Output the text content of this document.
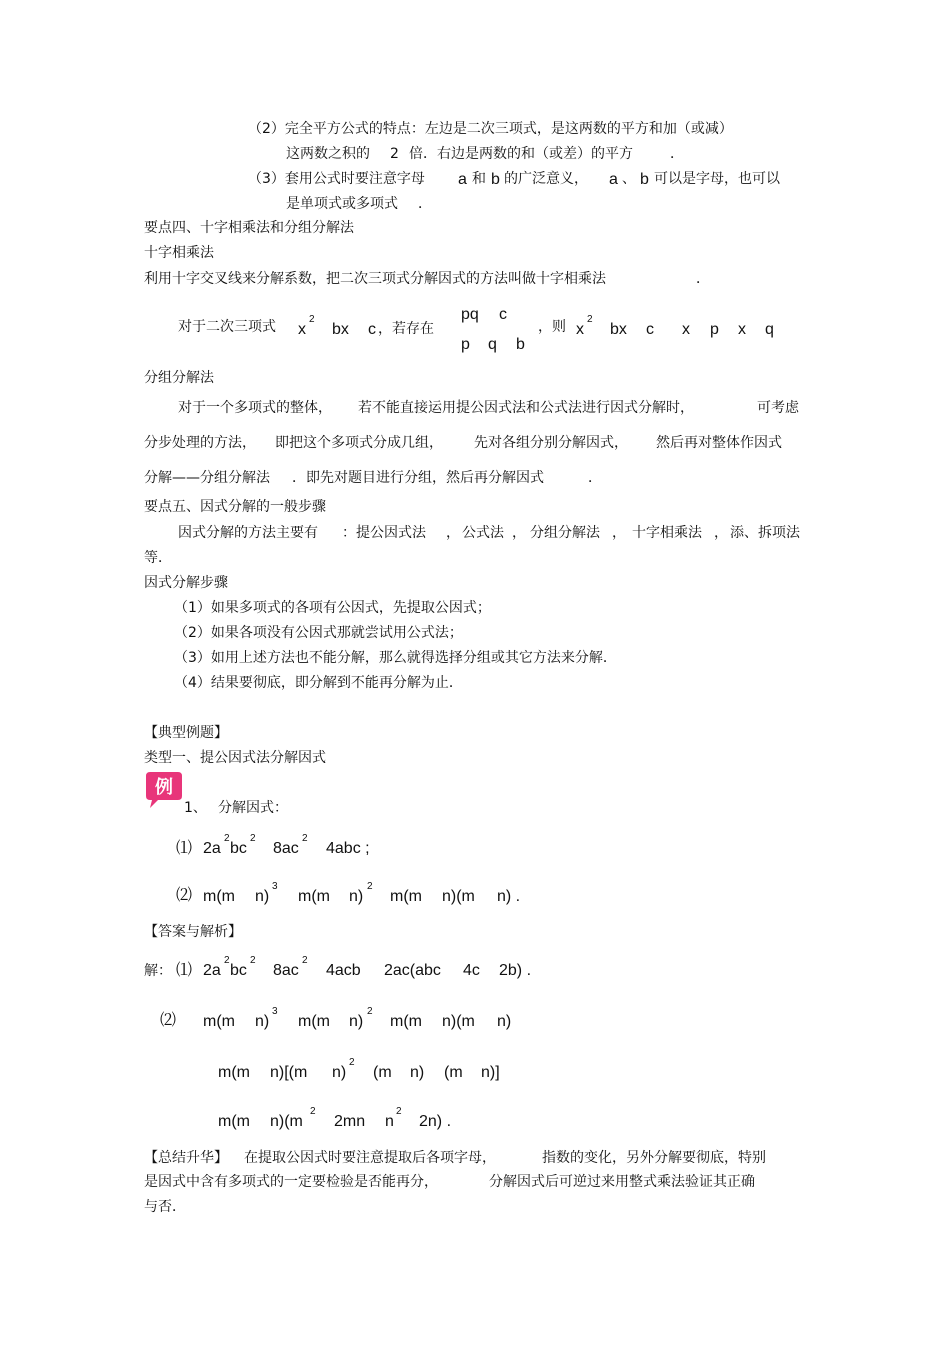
（2）完全平方公式的特点：左边是二次三项式，是这两数的平方和加（或减）
这两数之积的 2 倍．右边是两数的和（或差）的平方	．
（3）套用公式时要注意字母 a 和 b 的广泛意义， a 、 b 可以是字母，也可以
是单项式或多项式 ．
要点四、十字相乘法和分组分解法
十字相乘法
利用十字交叉线来分解系数，把二次三项式分解因式的方法叫做十字相乘法	．
对于二次三项式 x
2
bx c ，若存在
pq c
p q b
，则 x
2
bx c x p x q
分组分解法
对于一个多项式的整体， 若不能直接运用提公因式法和公式法进行因式分解时，	可考虑
分步处理的方法， 即把这个多项式分成几组， 先对各组分别分解因式， 然后再对整体作因式
分解——分组分解法 ．即先对题目进行分组，然后再分解因式	．
要点五、因式分解的一般步骤
因式分解的方法主要有 ：提公因式法 ， 公式法 ， 分组分解法 ， 十字相乘法 ， 添、拆项法
等．
因式分解步骤
（1）如果多项式的各项有公因式，先提取公因式；
（2）如果各项没有公因式那就尝试用公式法；
（3）如用上述方法也不能分解，那么就得选择分组或其它方法来分解．
（4）结果要彻底，即分解到不能再分解为止．
【典型例题】
类型一、提公因式法分解因式
例
1、 分解因式：
⑴ 2a
2
bc
2
8ac
2
4abc ;
⑵ m(m n)
3
m(m n)
2
m(m n)(m n) .
【答案与解析】
解： ⑴ 2a
2
bc
2
8ac
2
4acb 2ac(abc 4c 2b) .
⑵ m(m n)
3
m(m n)
2
m(m n)(m n)
m(m n)[(m n)
2
(m n) (m n)]
m(m n)(m
2
2mn n
2
2n) .
【总结升华】 在提取公因式时要注意提取后各项字母，	指数的变化，另外分解要彻底，特别
是因式中含有多项式的一定要检验是否能再分，	分解因式后可逆过来用整式乘法验证其正确
与否．
